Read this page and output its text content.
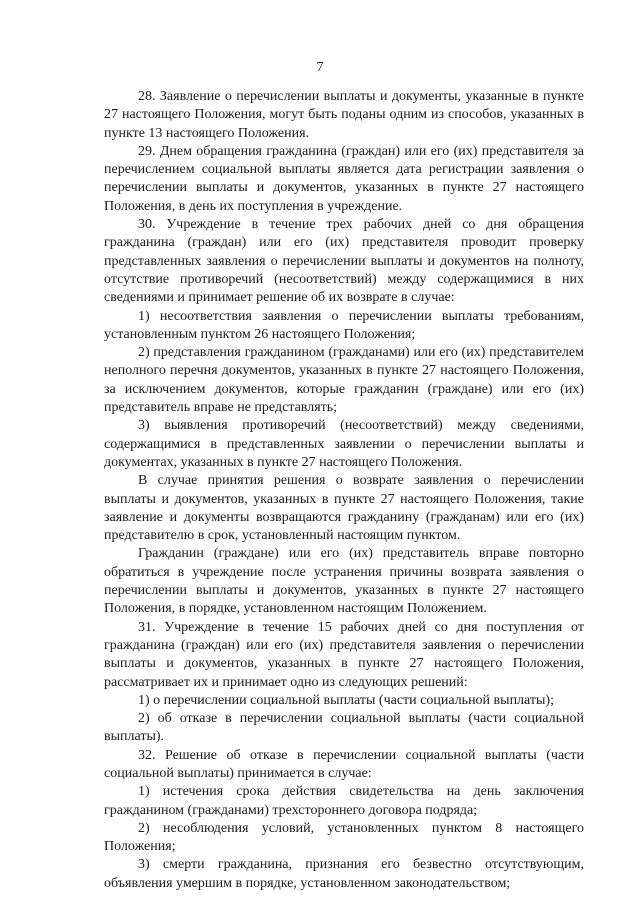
7

28. Заявление о перечислении выплаты и документы, указанные в пункте 27 настоящего Положения, могут быть поданы одним из способов, указанных в пункте 13 настоящего Положения.

29. Днем обращения гражданина (граждан) или его (их) представителя за перечислением социальной выплаты является дата регистрации заявления о перечислении выплаты и документов, указанных в пункте 27 настоящего Положения, в день их поступления в учреждение.

30. Учреждение в течение трех рабочих дней со дня обращения гражданина (граждан) или его (их) представителя проводит проверку представленных заявления о перечислении выплаты и документов на полноту, отсутствие противоречий (несоответствий) между содержащимися в них сведениями и принимает решение об их возврате в случае:

1) несоответствия заявления о перечислении выплаты требованиям, установленным пунктом 26 настоящего Положения;

2) представления гражданином (гражданами) или его (их) представителем неполного перечня документов, указанных в пункте 27 настоящего Положения, за исключением документов, которые гражданин (граждане) или его (их) представитель вправе не представлять;

3) выявления противоречий (несоответствий) между сведениями, содержащимися в представленных заявлении о перечислении выплаты и документах, указанных в пункте 27 настоящего Положения.

В случае принятия решения о возврате заявления о перечислении выплаты и документов, указанных в пункте 27 настоящего Положения, такие заявление и документы возвращаются гражданину (гражданам) или его (их) представителю в срок, установленный настоящим пунктом.

Гражданин (граждане) или его (их) представитель вправе повторно обратиться в учреждение после устранения причины возврата заявления о перечислении выплаты и документов, указанных в пункте 27 настоящего Положения, в порядке, установленном настоящим Положением.

31. Учреждение в течение 15 рабочих дней со дня поступления от гражданина (граждан) или его (их) представителя заявления о перечислении выплаты и документов, указанных в пункте 27 настоящего Положения, рассматривает их и принимает одно из следующих решений:

1) о перечислении социальной выплаты (части социальной выплаты);

2) об отказе в перечислении социальной выплаты (части социальной выплаты).

32. Решение об отказе в перечислении социальной выплаты (части социальной выплаты) принимается в случае:

1) истечения срока действия свидетельства на день заключения гражданином (гражданами) трехстороннего договора подряда;

2) несоблюдения условий, установленных пунктом 8 настоящего Положения;

3) смерти гражданина, признания его безвестно отсутствующим, объявления умершим в порядке, установленном законодательством;
